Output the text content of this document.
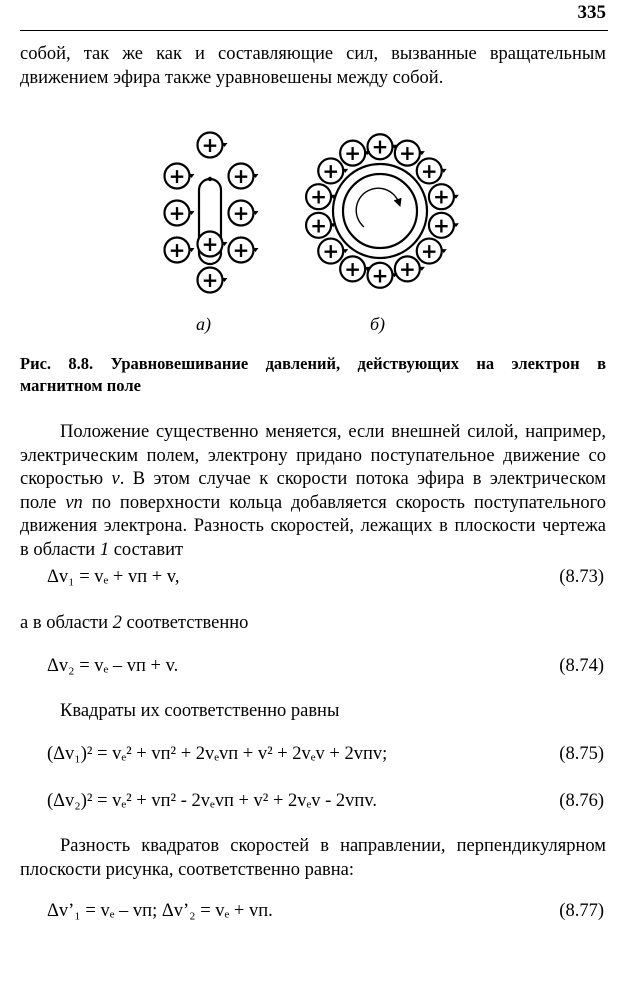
335
собой, так же как и составляющие сил, вызванные вращательным
движением эфира также уравновешены между собой.
+
+ +
+ +
+ +
+
+
+ +
+
+
+
+
+
+
+
+
+
+
+
+
а)	б)
Рис. 8.8. Уравновешивание давлений, действующих на электрон в
магнитном поле
Положение существенно меняется, если внешней силой, например,
электрическим полем, электрону придано поступательное движение со
скоростью v. В этом случае к скорости потока эфира в электрическом
поле vп по поверхности кольца добавляется скорость поступательного
движения электрона. Разность скоростей, лежащих в плоскости чертежа
в области 1 составит
Δv₁ = vₑ + vп + v,	(8.73)
а в области 2 соответственно
Δv₂ = vₑ – vп + v.	(8.74)
Квадраты их соответственно равны
(Δv₁)² = vₑ² + vп² + 2vₑvп + v² + 2vₑv + 2vпv;	(8.75)
(Δv₂)² = vₑ² + vп² - 2vₑvп + v² + 2vₑv - 2vпv.	(8.76)
Разность квадратов скоростей в направлении, перпендикулярном
плоскости рисунка, соответственно равна:
Δv’₁ = vₑ – vп; Δv’₂ = vₑ + vп.	(8.77)
